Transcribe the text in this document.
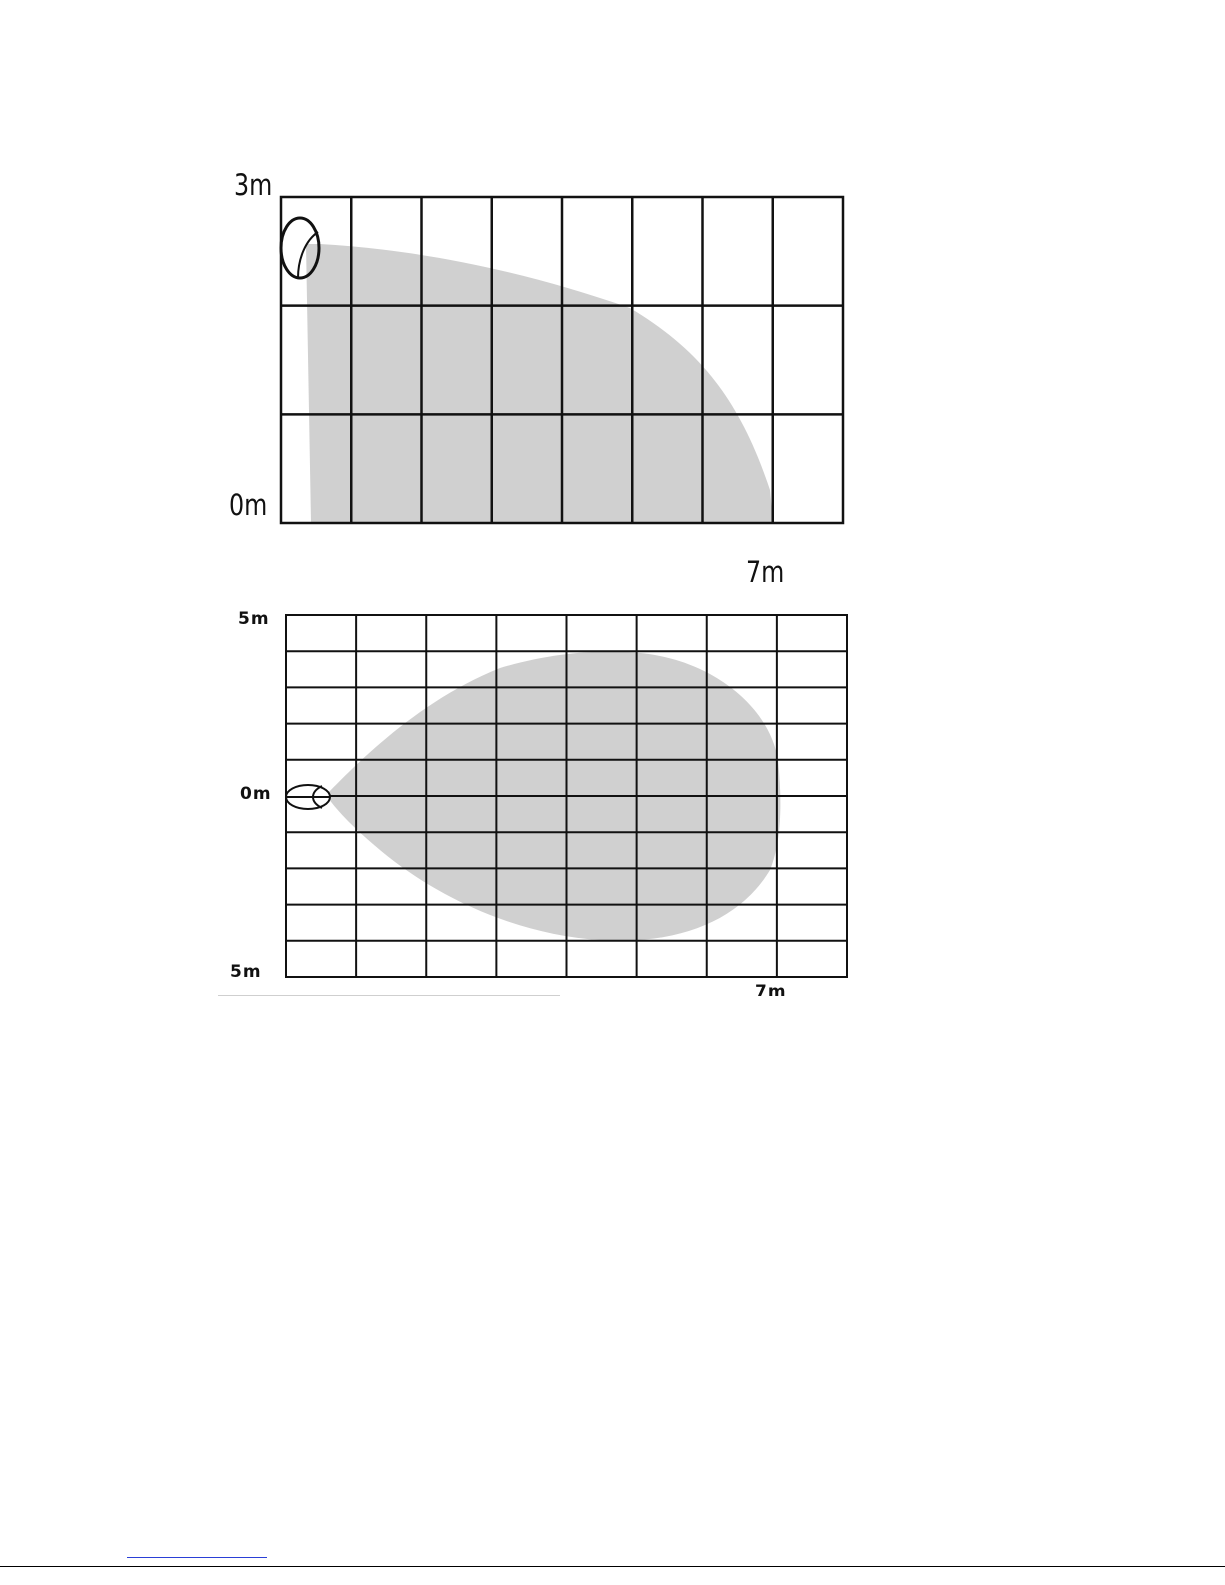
3m
0m
7m
5m
0m
5m
7m
